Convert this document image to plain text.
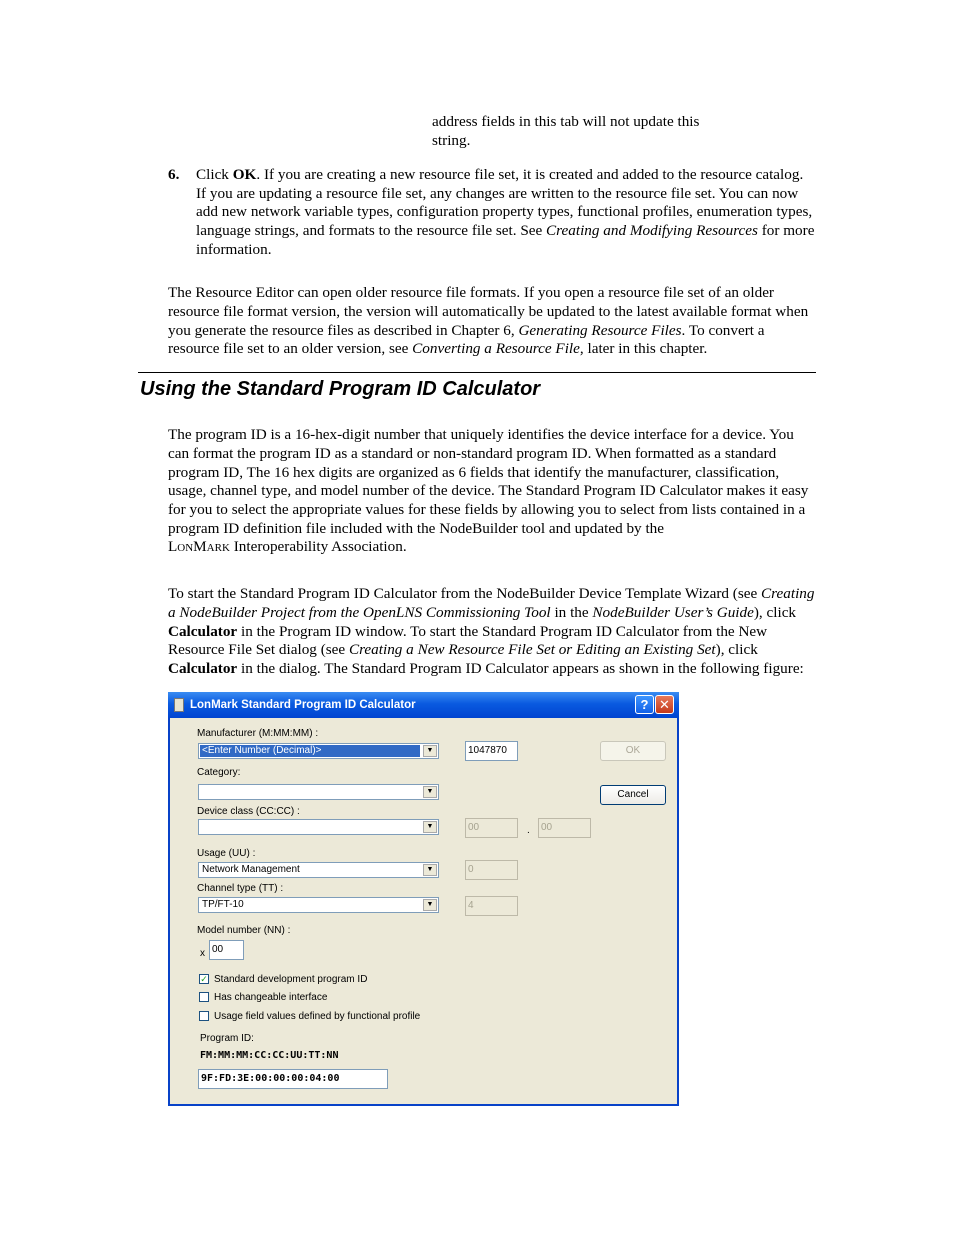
address fields in this tab will not update this

string.

6. Click OK. If you are creating a new resource file set, it is created and added to the resource catalog. If you are updating a resource file set, any changes are written to the resource file set. You can now add new network variable types, configuration property types, functional profiles, enumeration types, language strings, and formats to the resource file set. See Creating and Modifying Resources for more information.

The Resource Editor can open older resource file formats. If you open a resource file set of an older resource file format version, the version will automatically be updated to the latest available format when you generate the resource files as described in Chapter 6, Generating Resource Files. To convert a resource file set to an older version, see Converting a Resource File, later in this chapter.

Using the Standard Program ID Calculator

The program ID is a 16-hex-digit number that uniquely identifies the device interface for a device. You can format the program ID as a standard or non-standard program ID. When formatted as a standard program ID, The 16 hex digits are organized as 6 fields that identify the manufacturer, classification, usage, channel type, and model number of the device. The Standard Program ID Calculator makes it easy for you to select the appropriate values for these fields by allowing you to select from lists contained in a program ID definition file included with the NodeBuilder tool and updated by the
LonMark Interoperability Association.

To start the Standard Program ID Calculator from the NodeBuilder Device Template Wizard (see Creating a NodeBuilder Project from the OpenLNS Commissioning Tool in the NodeBuilder User’s Guide), click Calculator in the Program ID window. To start the Standard Program ID Calculator from the New Resource File Set dialog (see Creating a New Resource File Set or Editing an Existing Set), click Calculator in the dialog. The Standard Program ID Calculator appears as shown in the following figure:

LonMark Standard Program ID Calculator	? ✕
Manufacturer (M:MM:MM) :
<Enter Number (Decimal)>	▼	1047870	OK
Cancel
Category:
▼
Device class (CC:CC) :
▼	00	.	00
Usage (UU) :
Network Management	▼	0
Channel type (TT) :
TP/FT-10	▼	4
Model number (NN) :
x 00
✓ Standard development program ID
Has changeable interface
Usage field values defined by functional profile
Program ID:
FM:MM:MM:CC:CC:UU:TT:NN
9F:FD:3E:00:00:00:04:00
